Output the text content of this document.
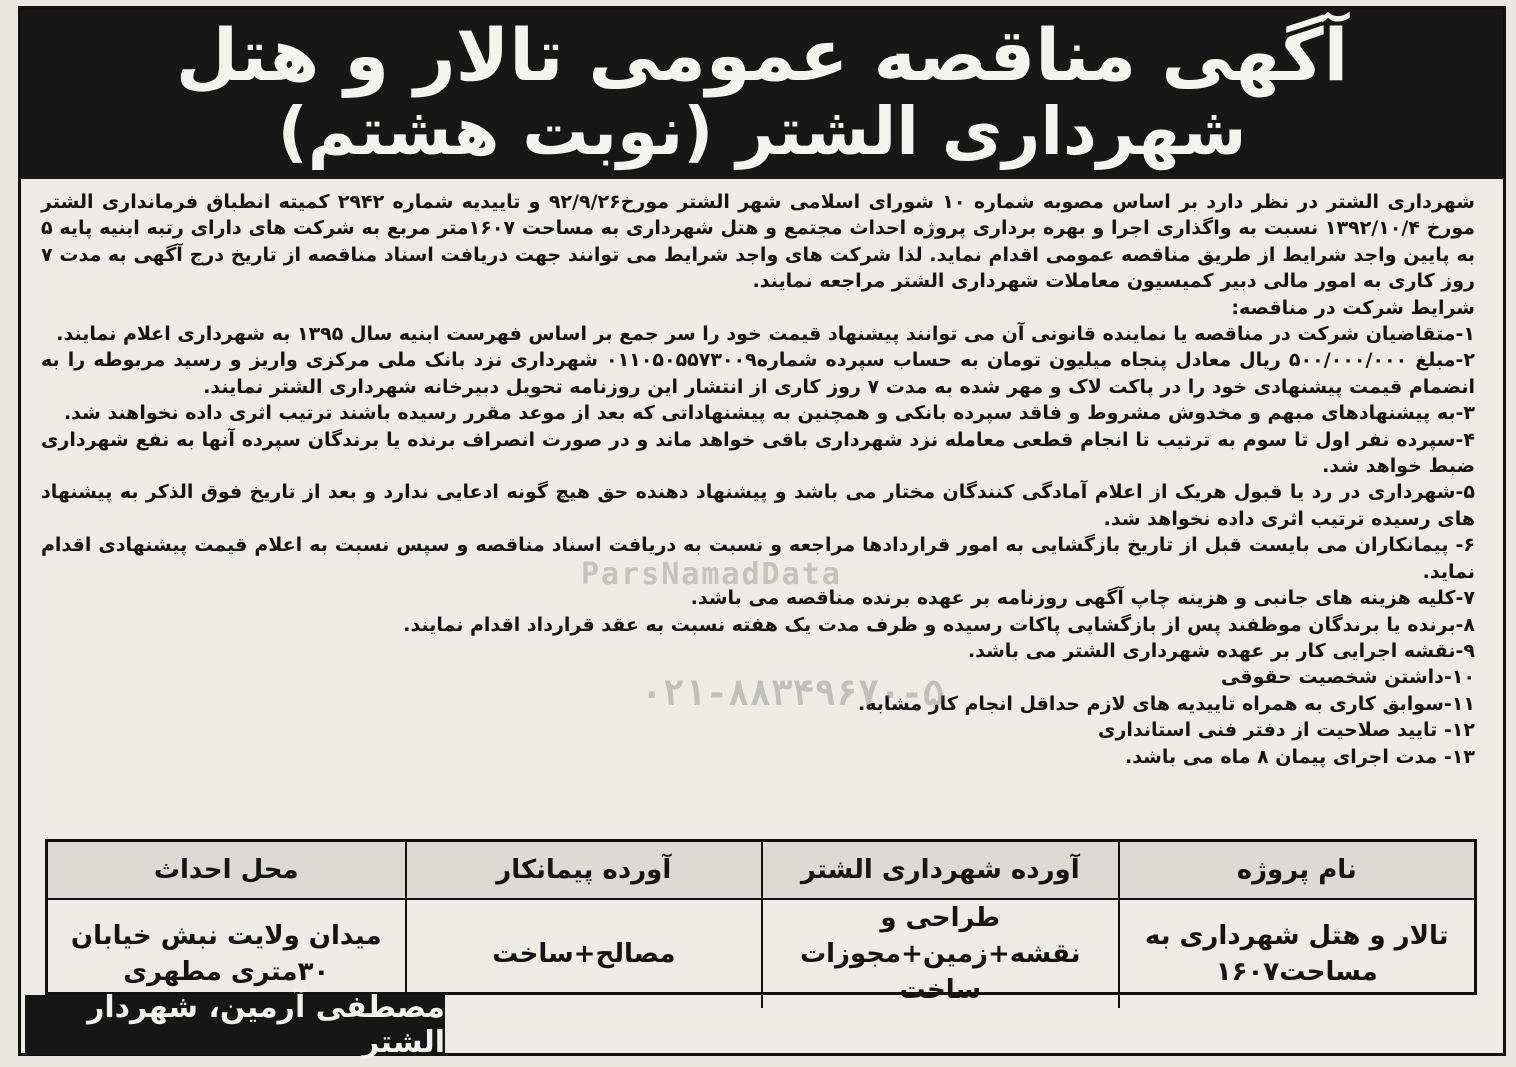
آگهی مناقصه عمومی تالار و هتل
شهرداری الشتر (نوبت هشتم)

شهرداری الشتر در نظر دارد بر اساس مصوبه شماره ۱۰ شورای اسلامی شهر الشتر مورخ۹۲/۹/۲۶ و تاییدیه شماره ۲۹۴۲ کمیته انطباق فرمانداری الشتر مورخ ۱۳۹۲/۱۰/۴ نسبت به واگذاری اجرا و بهره برداری پروژه احداث مجتمع و هتل شهرداری به مساحت ۱۶۰۷متر مربع به شرکت های دارای رتبه ابنیه پایه ۵ به پایین واجد شرایط از طریق مناقصه عمومی اقدام نماید. لذا شرکت های واجد شرایط می توانند جهت دریافت اسناد مناقصه از تاریخ درج آگهی به مدت ۷ روز کاری به امور مالی دبیر کمیسیون معاملات شهرداری الشتر مراجعه نمایند.

شرایط شرکت در مناقصه:

۱-متقاضیان شرکت در مناقصه یا نماینده قانونی آن می توانند پیشنهاد قیمت خود را سر جمع بر اساس فهرست ابنیه سال ۱۳۹۵ به شهرداری اعلام نمایند.
۲-مبلغ ۵۰۰/۰۰۰/۰۰۰ ریال معادل پنجاه میلیون تومان به حساب سپرده شماره۰۱۱۰۵۰۵۵۷۳۰۰۹ شهرداری نزد بانک ملی مرکزی واریز و رسید مربوطه را به انضمام قیمت پیشنهادی خود را در پاکت لاک و مهر شده به مدت ۷ روز کاری از انتشار این روزنامه تحویل دبیرخانه شهرداری الشتر نمایند.
۳-به پیشنهادهای مبهم و مخدوش مشروط و فاقد سپرده بانکی و همچنین به پیشنهاداتی که بعد از موعد مقرر رسیده باشند ترتیب اثری داده نخواهند شد.
۴-سپرده نفر اول تا سوم به ترتیب تا انجام قطعی معامله نزد شهرداری باقی خواهد ماند و در صورت انصراف برنده یا برندگان سپرده آنها به نفع شهرداری ضبط خواهد شد.
۵-شهرداری در رد یا قبول هریک از اعلام آمادگی کنندگان مختار می باشد و پیشنهاد دهنده حق هیچ گونه ادعایی ندارد و بعد از تاریخ فوق الذکر به پیشنهاد های رسیده ترتیب اثری داده نخواهد شد.
۶- پیمانکاران می بایست قبل از تاریخ بازگشایی به امور قراردادها مراجعه و نسبت به دریافت اسناد مناقصه و سپس نسبت به اعلام قیمت پیشنهادی اقدام نماید.
۷-کلیه هزینه های جانبی و هزینه چاپ آگهی روزنامه بر عهده برنده مناقصه می باشد.
۸-برنده یا برندگان موظفند پس از بازگشایی پاکات رسیده و ظرف مدت یک هفته نسبت به عقد قرارداد اقدام نمایند.
۹-نقشه اجرایی کار بر عهده شهرداری الشتر می باشد.
۱۰-داشتن شخصیت حقوقی
۱۱-سوابق کاری به همراه تاییدیه های لازم حداقل انجام کار مشابه.
۱۲- تایید صلاحیت از دفتر فنی استانداری
۱۳- مدت اجرای پیمان ۸ ماه می باشد.
ParsNamadData
۰۲۱-۸۸۳۴۹۶۷۰-۵
نام پروژه
آورده شهرداری الشتر
آورده پیمانکار
محل احداث
تالار و هتل شهرداری به
مساحت۱۶۰۷
طراحی و
نقشه+زمین+مجوزات ساخت
مصالح+ساخت
میدان ولایت نبش خیابان
۳۰متری مطهری
مصطفی آرمین، شهردار الشتر
